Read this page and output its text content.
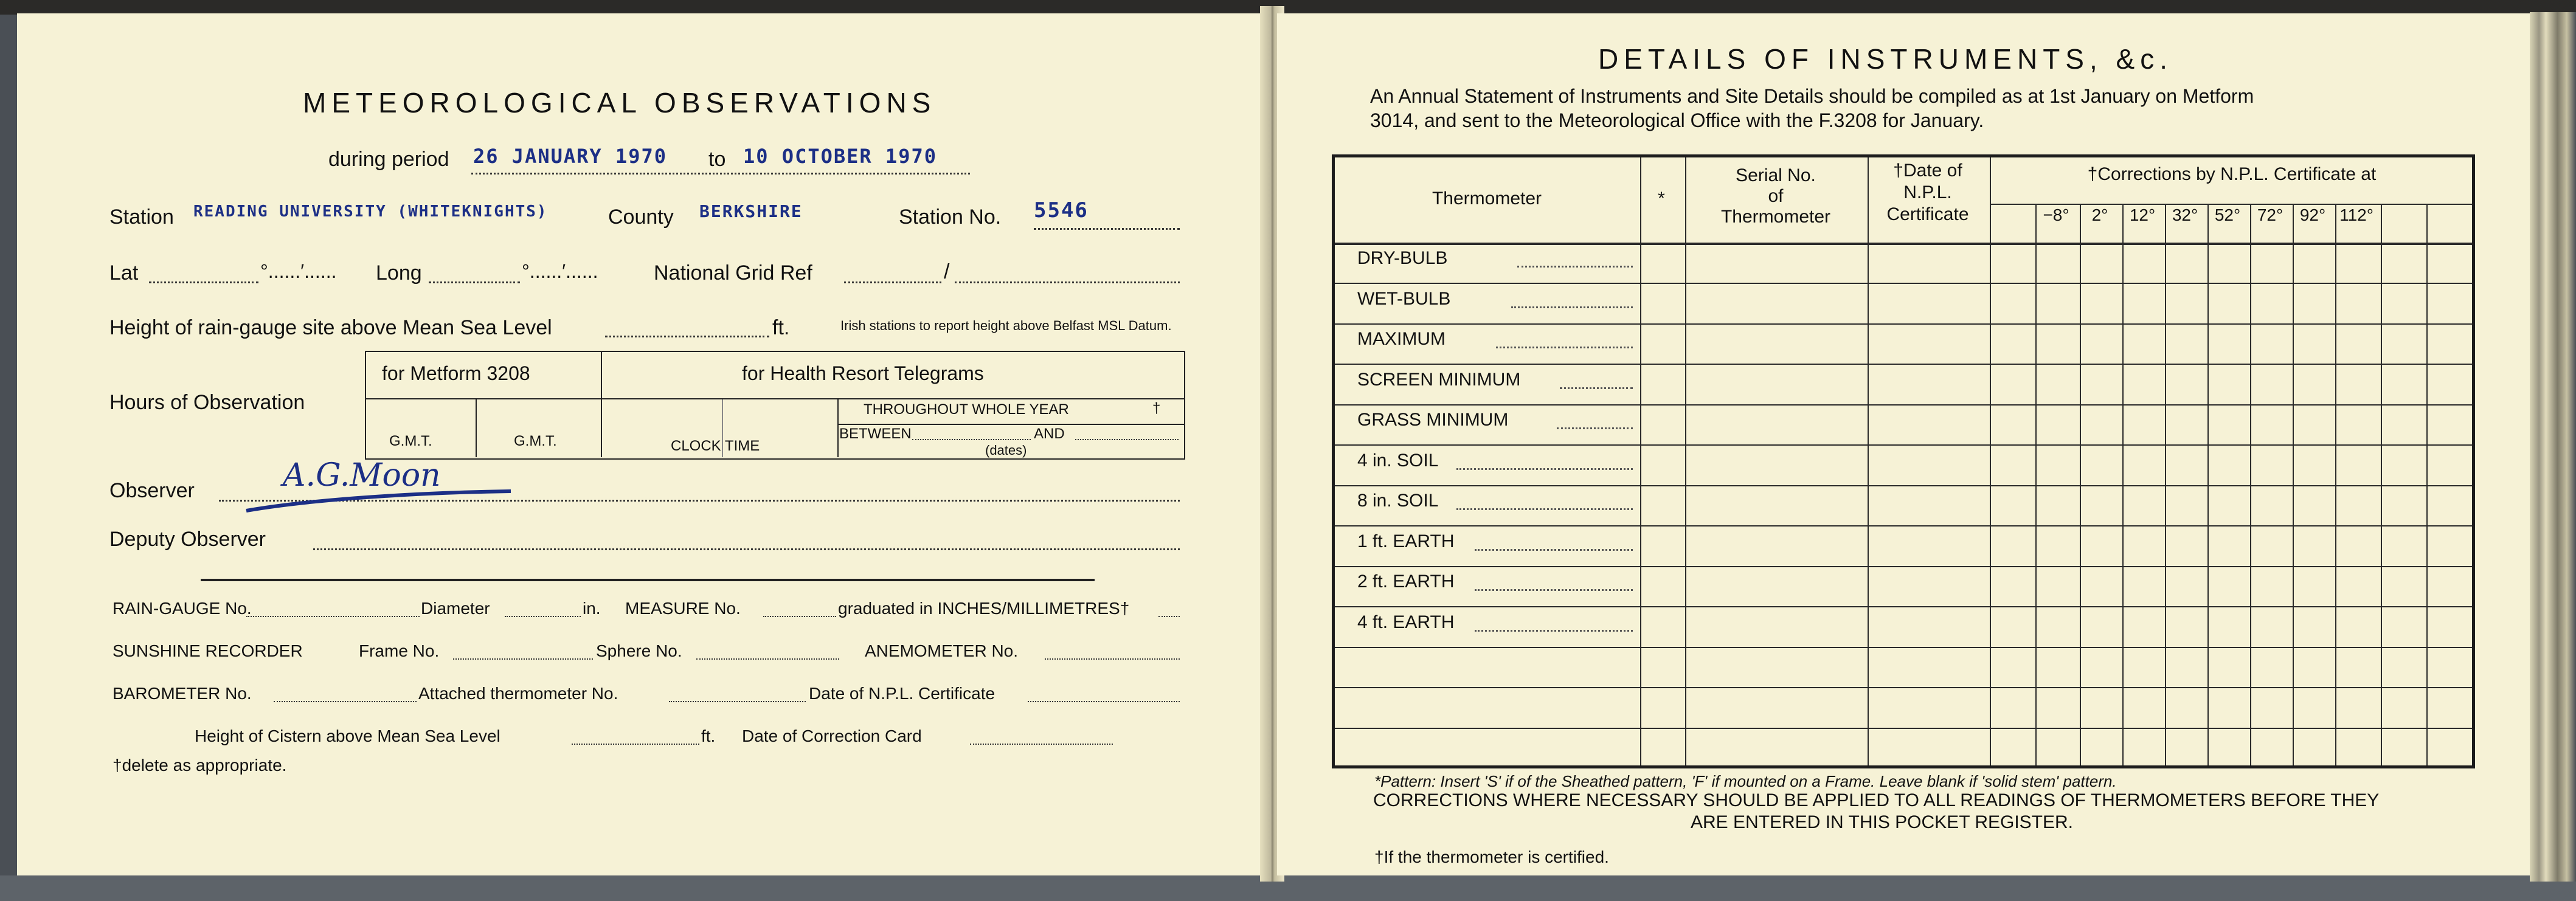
METEOROLOGICAL OBSERVATIONS
during period 26 JANUARY 1970 to 10 OCTOBER 1970
Station READING UNIVERSITY (WHITEKNIGHTS)	County BERKSHIRE	Station No. 5546
Lat	°......′...... Long	°......′......	National Grid Ref	/
Height of rain-gauge site above Mean Sea Level	ft.	Irish stations to report height above Belfast MSL Datum.
Hours of Observation
for Metform 3208
G.M.T.	G.M.T.
for Health Resort Telegrams
CLOCK TIME
THROUGHOUT WHOLE YEAR	†
BETWEEN	AND
(dates)
Observer	A.G.Moon
Deputy Observer
RAIN-GAUGE No.	Diameter	in. MEASURE No.	graduated in INCHES/MILLIMETRES†
SUNSHINE RECORDER	Frame No.	Sphere No.	ANEMOMETER No.
BAROMETER No.	Attached thermometer No.	Date of N.P.L. Certificate
Height of Cistern above Mean Sea Level	ft. Date of Correction Card
†delete as appropriate.
DETAILS OF INSTRUMENTS, &c.
An Annual Statement of Instruments and Site Details should be compiled as at 1st January on Metform
3014, and sent to the Meteorological Office with the F.3208 for January.
Thermometer	*
Serial No.
of
Thermometer
†Date of
N.P.L.
Certificate
†Corrections by N.P.L. Certificate at
−8°	2°	12° 32° 52° 72° 92° 112°
DRY-BULB
WET-BULB
MAXIMUM
SCREEN MINIMUM
GRASS MINIMUM
4 in. SOIL
8 in. SOIL
1 ft. EARTH
2 ft. EARTH
4 ft. EARTH
*Pattern: Insert 'S' if of the Sheathed pattern, 'F' if mounted on a Frame. Leave blank if 'solid stem' pattern.
CORRECTIONS WHERE NECESSARY SHOULD BE APPLIED TO ALL READINGS OF THERMOMETERS BEFORE THEY
ARE ENTERED IN THIS POCKET REGISTER.
†If the thermometer is certified.
